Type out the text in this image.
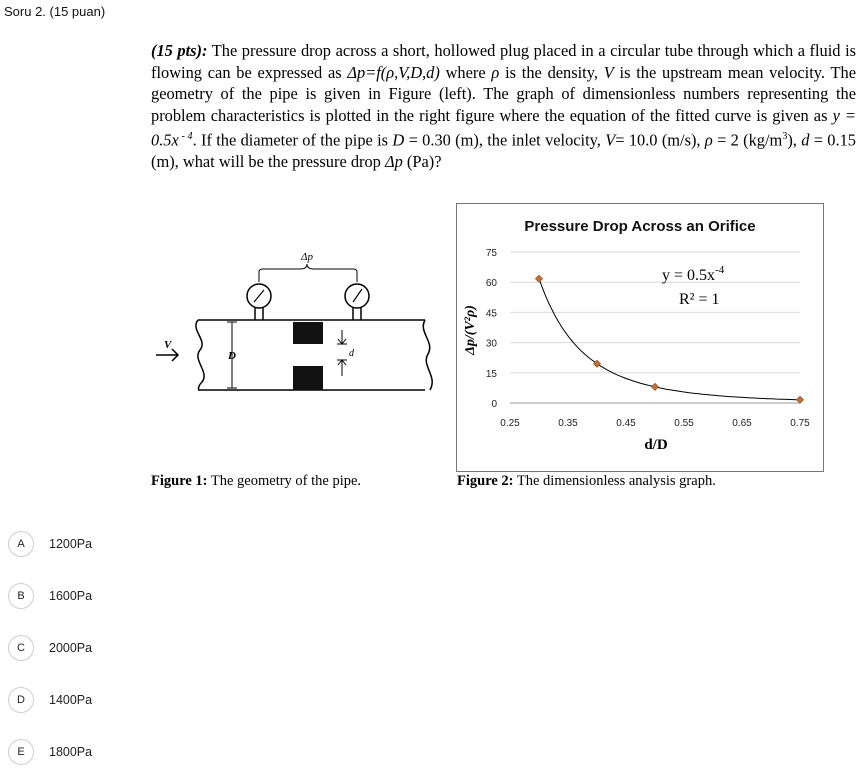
Soru 2. (15 puan)
(15 pts): The pressure drop across a short, hollowed plug placed in a circular tube through which a fluid is flowing can be expressed as Δp=f(ρ,V,D,d) where ρ is the density, V is the upstream mean velocity. The geometry of the pipe is given in Figure (left). The graph of dimensionless numbers representing the problem characteristics is plotted in the right figure where the equation of the fitted curve is given as y = 0.5x $^{- 4}$. If the diameter of the pipe is D = 0.30 (m), the inlet velocity, V= 10.0 (m/s), ρ = 2 $(kg/m^3)$, d = 0.15 (m), what will be the pressure drop Δp (Pa)?
Δp
V
D	d
Pressure Drop Across an Orifice
0
15
30
45
60
75
0.25	0.35	0.45	0.55	0.65	0.75
d/D
Δp/(V²ρ)
$y = 0.5x^{-4}$
R² = 1
Figure 1: The geometry of the pipe.	Figure 2: The dimensionless analysis graph.
A	1200Pa
B	1600Pa
C	2000Pa
D	1400Pa
E	1800Pa
